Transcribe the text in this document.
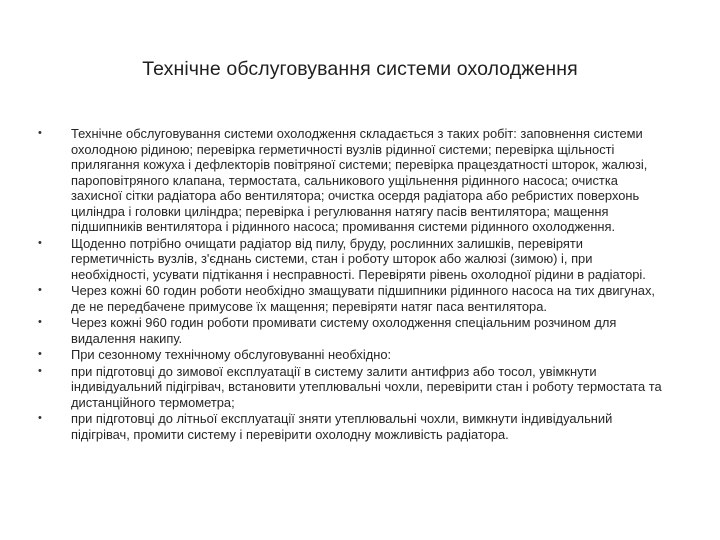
Технічне обслуговування системи охолодження
• Технічне обслуговування системи охолодження складається з таких робіт: заповнення системи охолодною рідиною; перевірка герметичності вузлів рідинної системи; перевірка щільності прилягання кожуха і дефлекторів повітряної системи; перевірка працездатності шторок, жалюзі, пароповітряного клапана, термостата, сальникового ущільнення рідинного насоса; очистка захисної сітки радіатора або вентилятора; очистка осердя радіатора або ребристих поверхонь циліндра і головки циліндра; перевірка і регулювання натягу пасів вентилятора; мащення підшипників вентилятора і рідинного насоса; промивання системи рідинного охолодження.
• Щоденно потрібно очищати радіатор від пилу, бруду, рослинних залишків, перевіряти герметичність вузлів, з'єднань системи, стан і роботу шторок або жалюзі (зимою) і, при необхідності, усувати підтікання і несправності. Перевіряти рівень охолодної рідини в радіаторі.
• Через кожні 60 годин роботи необхідно змащувати підшипники рідинного насоса на тих двигунах, де не передбачене примусове їх мащення; перевіряти натяг паса вентилятора.
• Через кожні 960 годин роботи промивати систему охолодження спеціальним розчином для видалення накипу.
• При сезонному технічному обслуговуванні необхідно:
• при підготовці до зимової експлуатації в систему залити антифриз або тосол, увімкнути індивідуальний підігрівач, встановити утеплювальні чохли, перевірити стан і роботу термостата та дистанційного термометра;
• при підготовці до літньої експлуатації зняти утеплювальні чохли, вимкнути індивідуальний підігрівач, промити систему і перевірити охолодну можливість радіатора.
